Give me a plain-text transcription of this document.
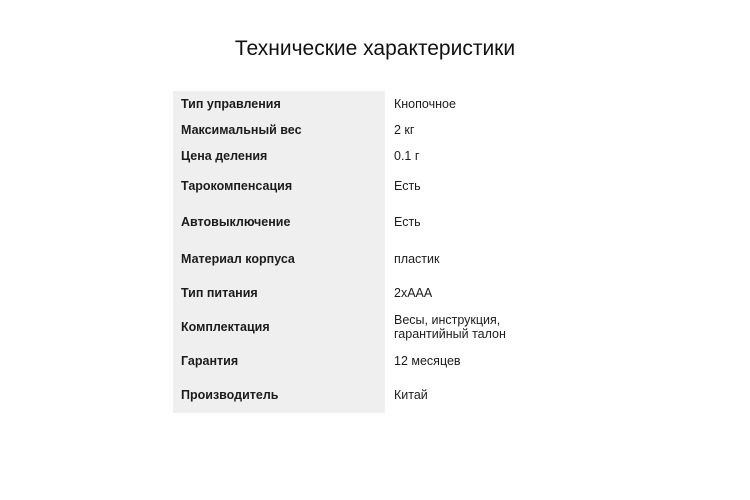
Технические характеристики
Тип управления	Кнопочное
Максимальный вес	2 кг
Цена деления	0.1 г
Тарокомпенсация	Есть
Автовыключение	Есть
Материал корпуса	пластик
Тип питания	2хААА
Комплектация	Весы, инструкция,
гарантийный талон
Гарантия	12 месяцев
Производитель	Китай
